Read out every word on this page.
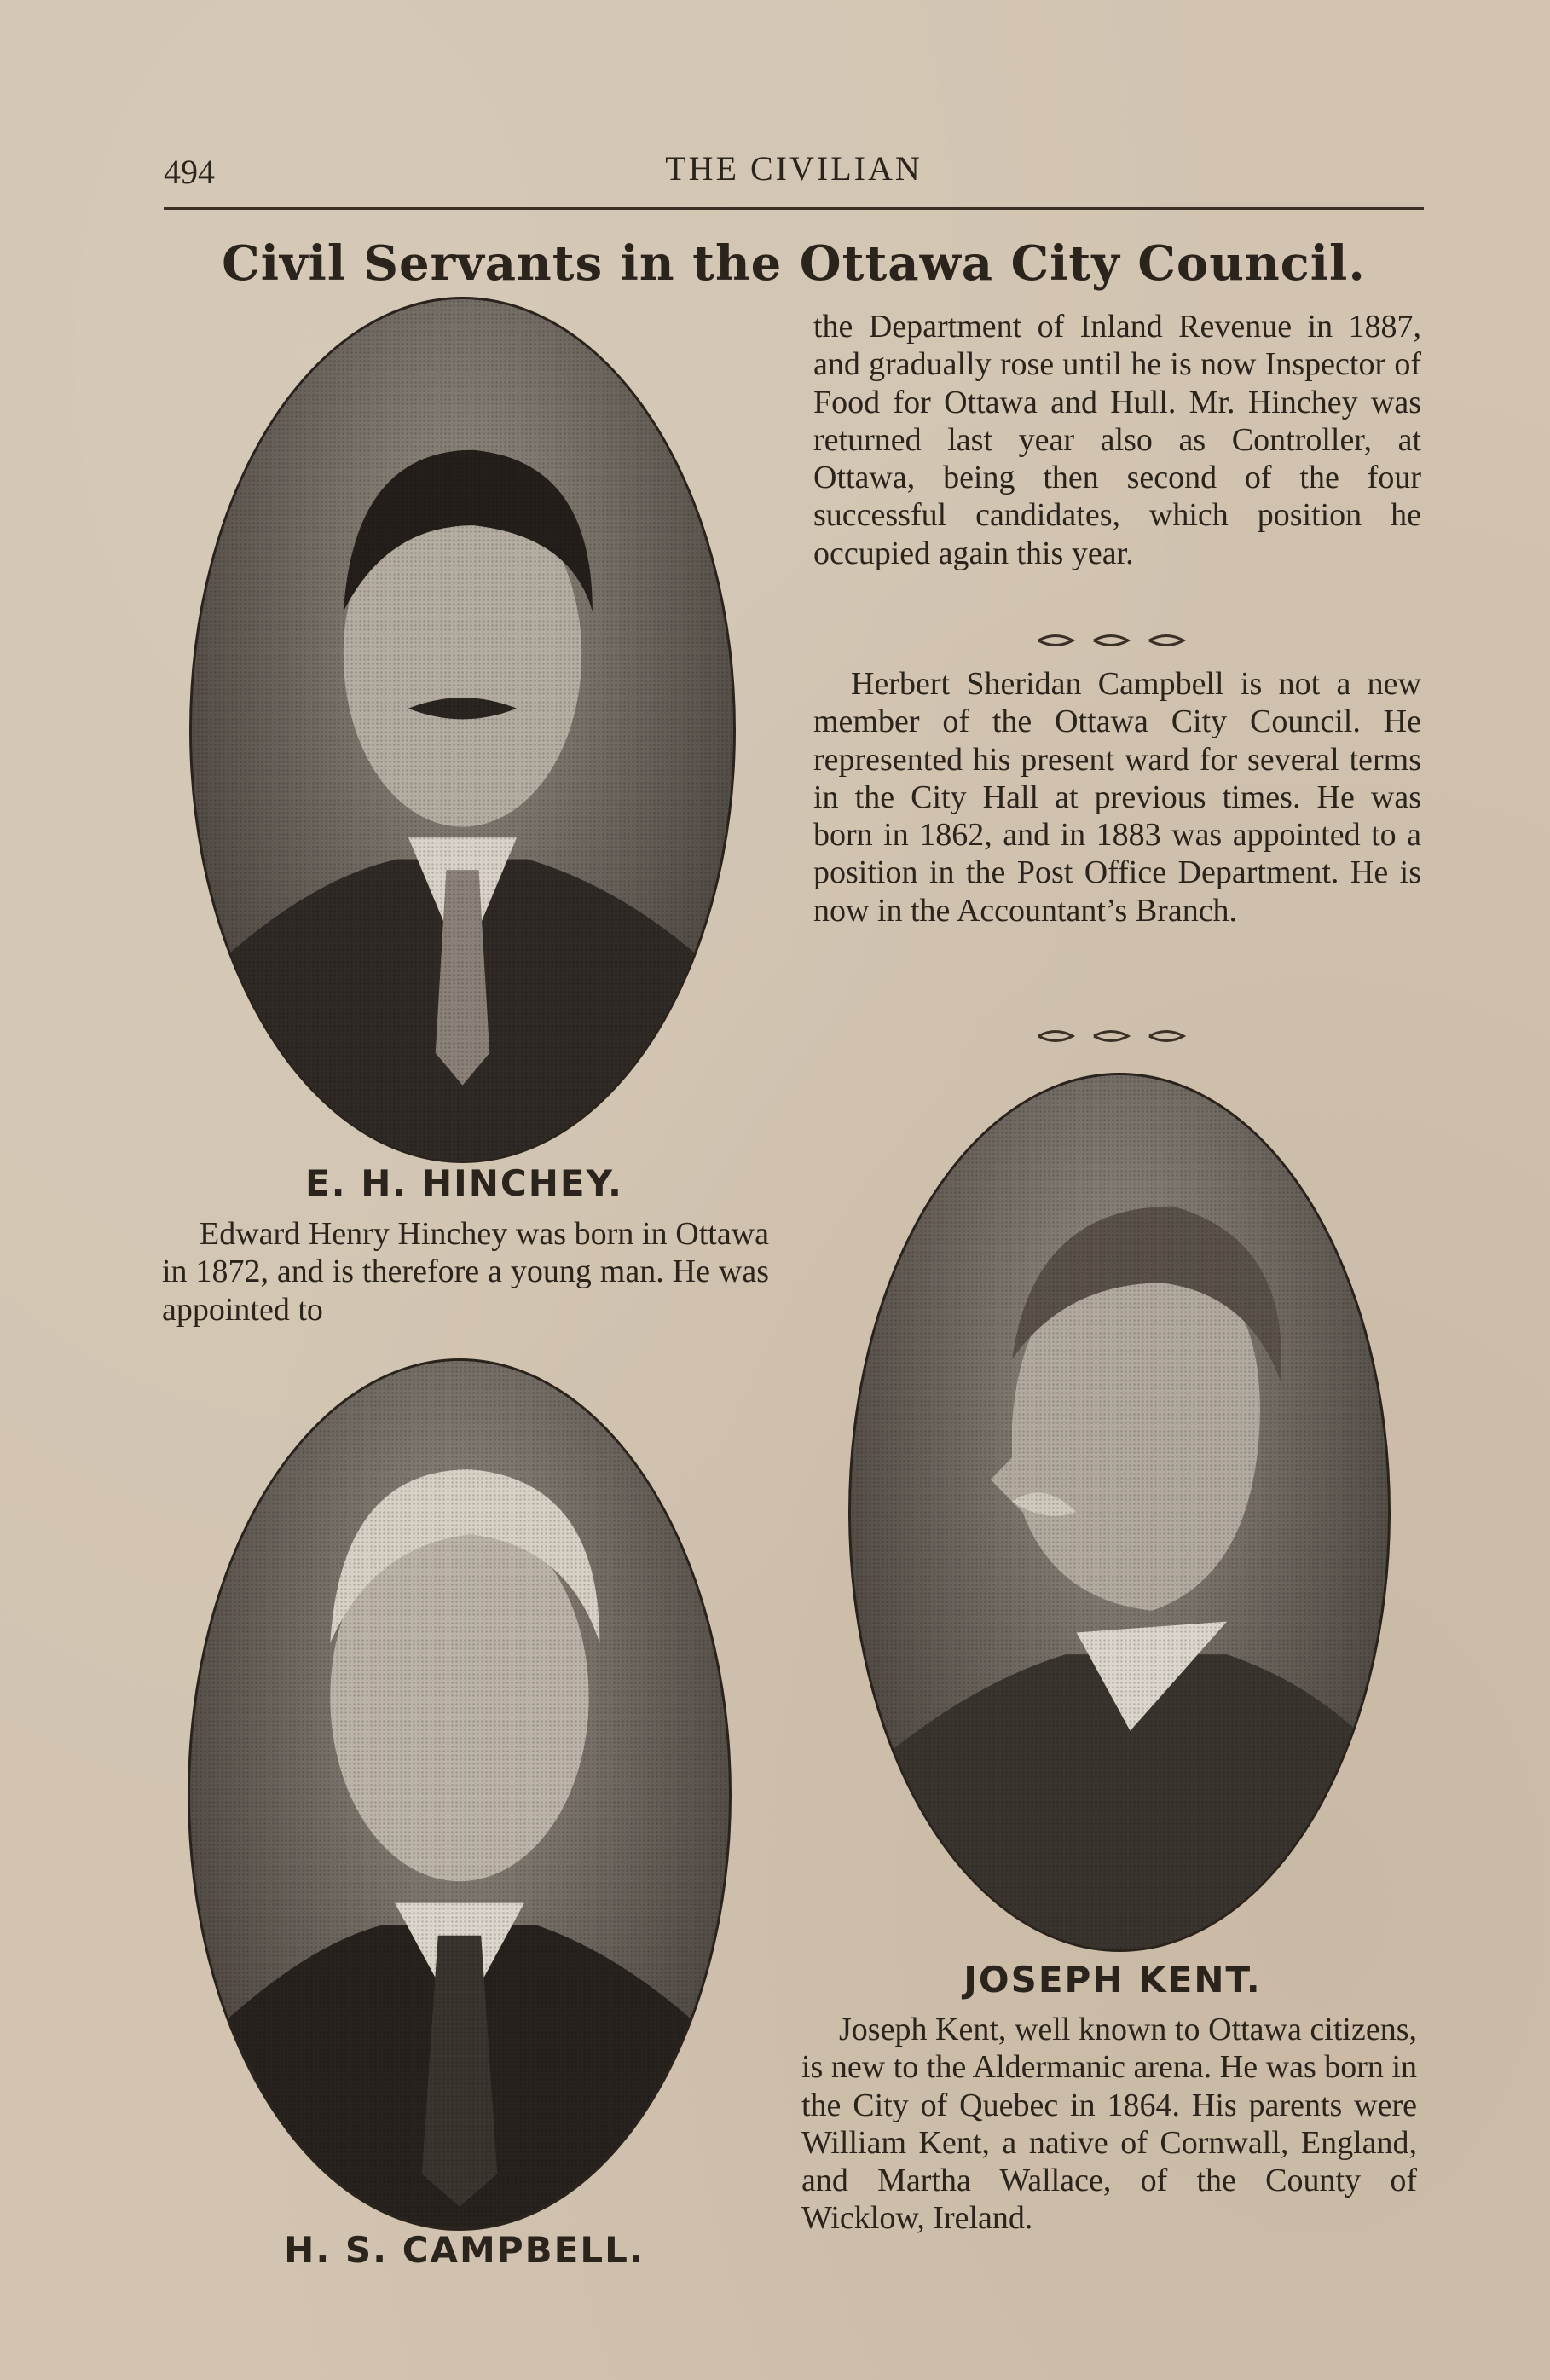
494	THE CIVILIAN
Civil Servants in the Ottawa City Council.
E. H. HINCHEY.

Edward Henry Hinchey was born in Ottawa in 1872, and is therefore a young man. He was appointed to

the Department of Inland Revenue in 1887, and gradually rose until he is now Inspector of Food for Ottawa and Hull. Mr. Hinchey was returned last year also as Controller, at Ottawa, being then second of the four successful candidates, which position he occupied again this year.

Herbert Sheridan Campbell is not a new member of the Ottawa City Council. He represented his present ward for several terms in the City Hall at previous times. He was born in 1862, and in 1883 was appointed to a position in the Post Office Department. He is now in the Accountant’s Branch.

H. S. CAMPBELL.
JOSEPH KENT.

Joseph Kent, well known to Ottawa citizens, is new to the Aldermanic arena. He was born in the City of Quebec in 1864. His parents were William Kent, a native of Cornwall, England, and Martha Wallace, of the County of Wicklow, Ireland.
